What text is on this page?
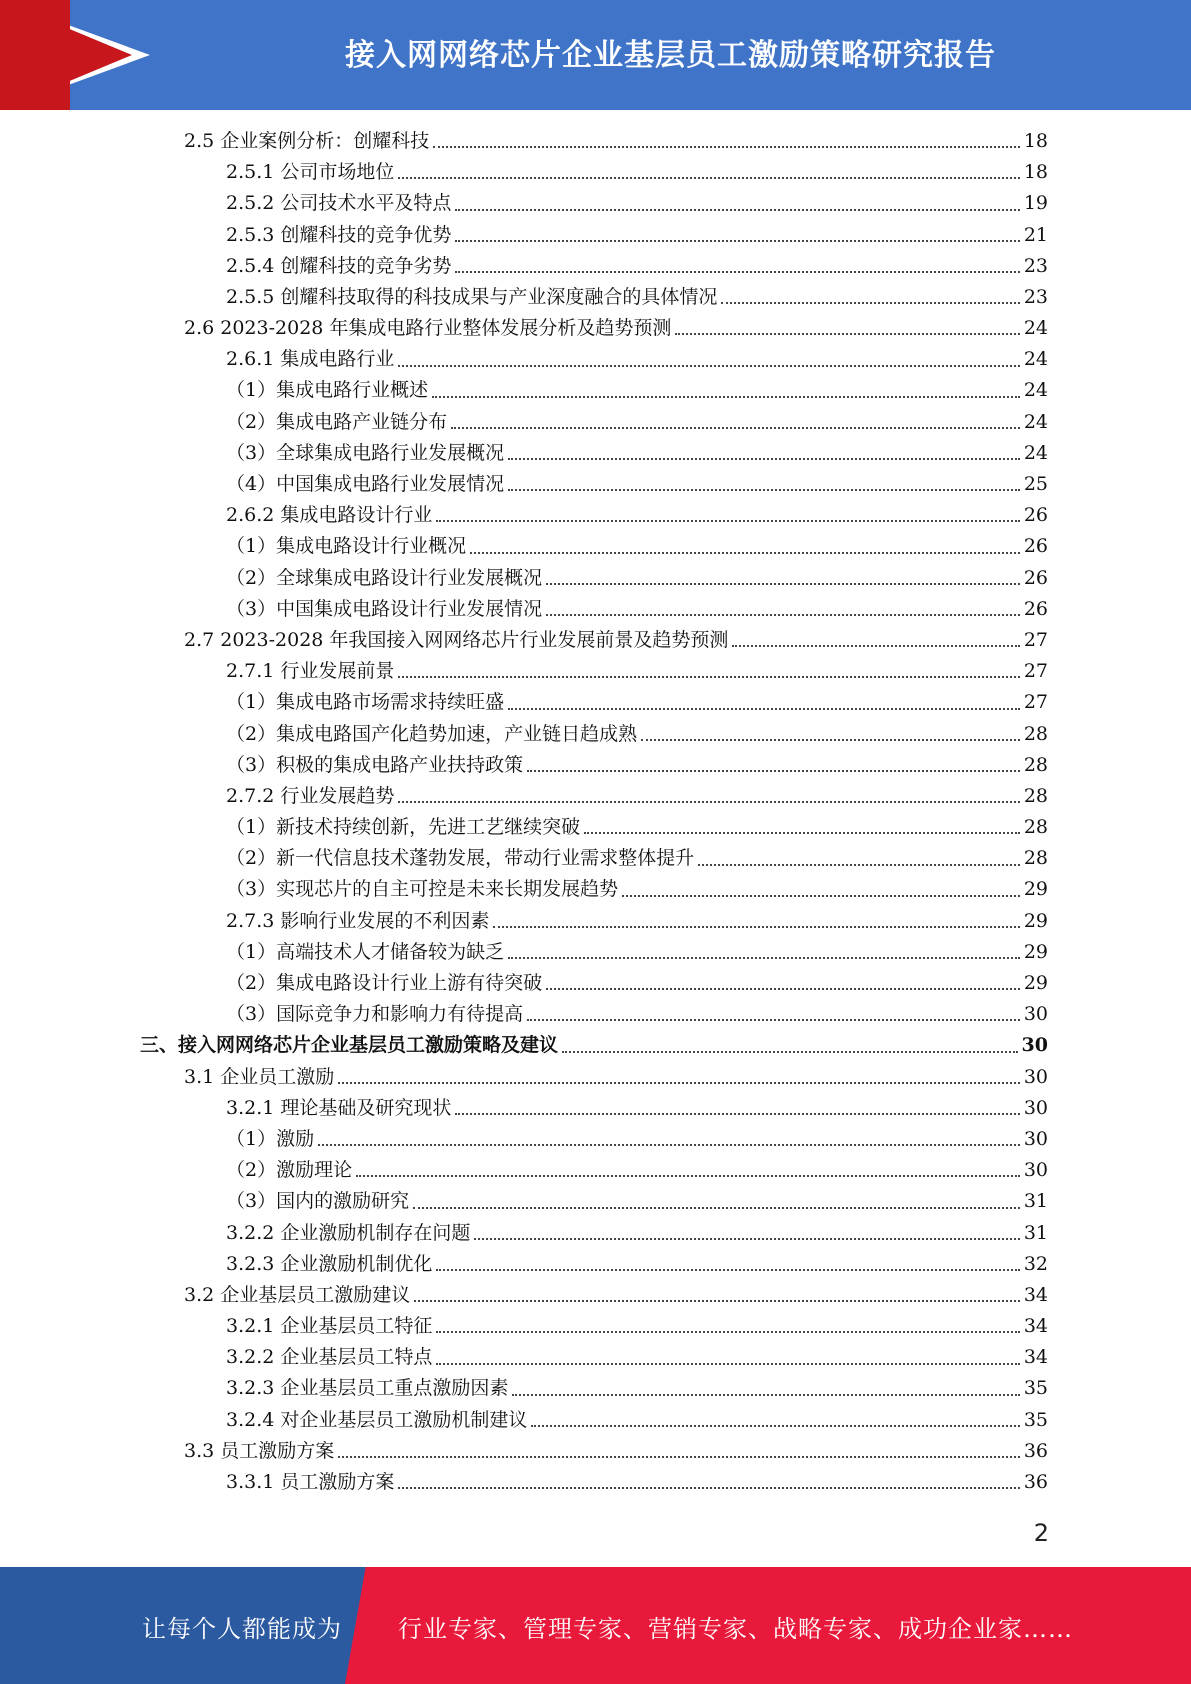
接入网网络芯片企业基层员工激励策略研究报告
2.5 企业案例分析：创耀科技	18
2.5.1 公司市场地位	18
2.5.2 公司技术水平及特点	19
2.5.3 创耀科技的竞争优势	21
2.5.4 创耀科技的竞争劣势	23
2.5.5 创耀科技取得的科技成果与产业深度融合的具体情况	23
2.6 2023-2028 年集成电路行业整体发展分析及趋势预测	24
2.6.1 集成电路行业	24
（1）集成电路行业概述	24
（2）集成电路产业链分布	24
（3）全球集成电路行业发展概况	24
（4）中国集成电路行业发展情况	25
2.6.2 集成电路设计行业	26
（1）集成电路设计行业概况	26
（2）全球集成电路设计行业发展概况	26
（3）中国集成电路设计行业发展情况	26
2.7 2023-2028 年我国接入网网络芯片行业发展前景及趋势预测	27
2.7.1 行业发展前景	27
（1）集成电路市场需求持续旺盛	27
（2）集成电路国产化趋势加速，产业链日趋成熟	28
（3）积极的集成电路产业扶持政策	28
2.7.2 行业发展趋势	28
（1）新技术持续创新，先进工艺继续突破	28
（2）新一代信息技术蓬勃发展，带动行业需求整体提升	28
（3）实现芯片的自主可控是未来长期发展趋势	29
2.7.3 影响行业发展的不利因素	29
（1）高端技术人才储备较为缺乏	29
（2）集成电路设计行业上游有待突破	29
（3）国际竞争力和影响力有待提高	30
三、接入网网络芯片企业基层员工激励策略及建议	30
3.1 企业员工激励	30
3.2.1 理论基础及研究现状	30
（1）激励	30
（2）激励理论	30
（3）国内的激励研究	31
3.2.2 企业激励机制存在问题	31
3.2.3 企业激励机制优化	32
3.2 企业基层员工激励建议	34
3.2.1 企业基层员工特征	34
3.2.2 企业基层员工特点	34
3.2.3 企业基层员工重点激励因素	35
3.2.4 对企业基层员工激励机制建议	35
3.3 员工激励方案	36
3.3.1 员工激励方案	36
2
让每个人都能成为 行业专家、管理专家、营销专家、战略专家、成功企业家……
